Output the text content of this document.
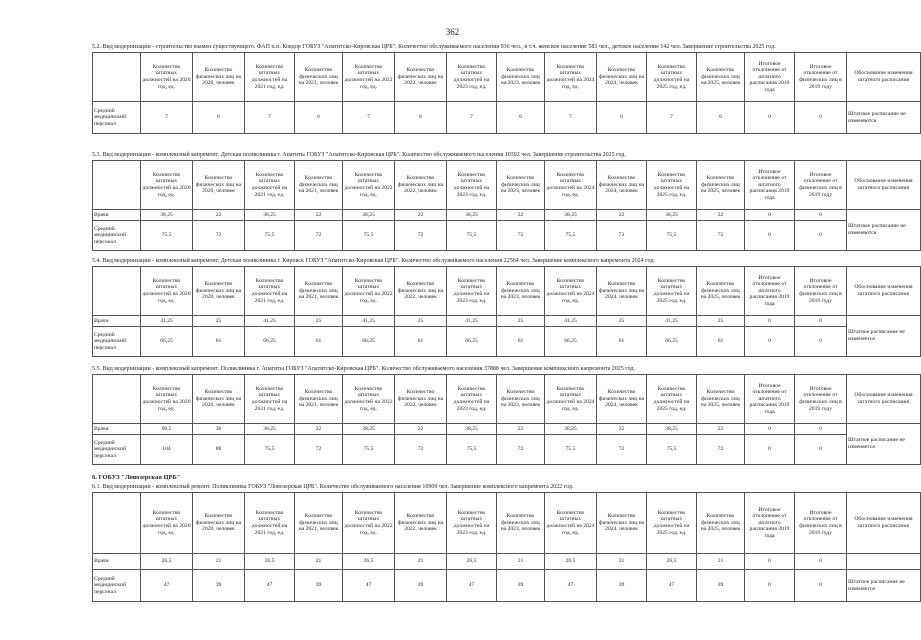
362

5.2. Вид модернизации - строительство взамен существующего. ФАП н.п. Ковдор ГОБУЗ "Апатитско-Кировская ЦРБ". Количество обслуживаемого населения 936 чел., в т.ч. женское население 583 чел., детское население 142 чел. Завершение строительства 2025 год.

	Количество штатных должностей на 2020 год, ед.	Количество физических лиц на 2020, человек	Количество штатных должностей на 2021 год, ед.	Количество физических лиц на 2021, человек	Количество штатных должностей на 2022 год, ед.	Количество физических лиц на 2022, человек	Количество штатных должностей на 2023 год, ед.	Количество физических лиц на 2023, человек	Количество штатных должностей на 2024 год, ед.	Количество физических лиц на 2024, человек	Количество штатных должностей на 2025 год, ед.	Количество физических лиц на 2025, человек	Итоговое отклонение от штатного расписания 2019 года	Итоговое отклонение от физических лиц в 2019 году	Обоснование изменения штатного расписания
Средний медицинский персонал	7	6	7	6	7	6	7	6	7	6	7	6	0	0	Штатные расписание не изменяются

5.3. Вид модернизации - комплексный капремонт. Детская поликлиника г. Апатиты ГОБУЗ "Апатитско-Кировская ЦРБ". Количество обслуживаемого населения 10392 чел. Завершение строительства 2025 год.

	Количество штатных должностей на 2020 год, ед.	Количество физических лиц на 2020, человек	Количество штатных должностей на 2021 год, ед.	Количество физических лиц на 2021, человек	Количество штатных должностей на 2022 год, ед.	Количество физических лиц на 2022, человек	Количество штатных должностей на 2023 год, ед.	Количество физических лиц на 2023, человек	Количество штатных должностей на 2024 год, ед.	Количество физических лиц на 2024, человек	Количество штатных должностей на 2025 год, ед.	Количество физических лиц на 2025, человек	Итоговое отклонение от штатного расписания 2019 года	Итоговое отклонение от физических лиц в 2019 году	Обоснование изменения штатного расписания
Врачи	38,25	22	38,25	22	38,25	22	38,25	22	38,25	22	38,25	22	0	0	Штатные расписание не изменяются
Средний медицинский персонал	75,5	72	75,5	72	75,5	72	75,5	72	75,5	72	75,5	72	0	0	

5.4. Вид модернизации - комплексный капремонт. Детская поликлиника г. Кировск ГОБУЗ "Апатитско-Кировская ЦРБ". Количество обслуживаемого населения 22564 чел. Завершение комплексного капремонта 2024 год.

	Количество штатных должностей на 2020 год, ед.	Количество физических лиц на 2020, человек	Количество штатных должностей на 2021 год, ед.	Количество физических лиц на 2021, человек	Количество штатных должностей на 2022 год, ед.	Количество физических лиц на 2022, человек	Количество штатных должностей на 2023 год, ед.	Количество физических лиц на 2023, человек	Количество штатных должностей на 2024 год, ед.	Количество физических лиц на 2024, человек	Количество штатных должностей на 2025 год, ед.	Количество физических лиц на 2025, человек	Итоговое отклонение от штатного расписания 2019 года	Итоговое отклонение от физических лиц в 2019 году	Обоснование изменения штатного расписания
Врачи	41,25	25	41,25	25	41,25	25	41,25	25	41,25	25	41,25	25	0	0	Штатное расписание не изменяется
Средний медицинский персонал	66,25	61	66,25	61	66,25	61	66,25	61	66,25	61	66,25	61	0	0	

5.5. Вид модернизации - комплексный капремонт. Поликлиника г. Апатиты ГОБУЗ "Апатитско-Кировская ЦРБ". Количество обслуживаемого населения 37888 чел. Завершение комплексного капремонта 2025 год.

	Количество штатных должностей на 2020 год, ед.	Количество физических лиц на 2020, человек	Количество штатных должностей на 2021 год, ед.	Количество физических лиц на 2021, человек	Количество штатных должностей на 2022 год, ед.	Количество физических лиц на 2022, человек	Количество штатных должностей на 2023 год, ед.	Количество физических лиц на 2023, человек	Количество штатных должностей на 2024 год, ед.	Количество физических лиц на 2024, человек	Количество штатных должностей на 2025 год, ед.	Количество физических лиц на 2025, человек	Итоговое отклонение от штатного расписания 2019 года	Итоговое отклонение от физических лиц в 2019 году	Обоснование изменения штатного расписания
Врачи	60,5	36	38,25	22	38,25	22	38,25	22	38,25	22	38,25	22	0	0	Штатное расписание не изменяется
Средний медицинский персонал	104	88	75,5	72	75,5	72	75,5	72	75,5	72	75,5	72	0	0	

6. ГОБУЗ "Ловозерская ЦРБ"

6.1. Вид модернизации - комплексный ремонт. Поликлиника ГОБУЗ "Ловозерская ЦРБ". Количество обслуживаемого населения 10909 чел. Завершение комплексного капремонта 2022 год.

	Количество штатных должностей на 2020 год, ед.	Количество физических лиц на 2020, человек	Количество штатных должностей на 2021 год, ед.	Количество физических лиц на 2021, человек	Количество штатных должностей на 2022 год, ед.	Количество физических лиц на 2022, человек	Количество штатных должностей на 2023 год, ед.	Количество физических лиц на 2023, человек	Количество штатных должностей на 2024 год, ед.	Количество физических лиц на 2024, человек	Количество штатных должностей на 2025 год, ед.	Количество физических лиц на 2025, человек	Итоговое отклонение от штатного расписания 2019 года	Итоговое отклонение от физических лиц в 2019 году	Обоснование изменения штатного расписания
Врачи	26,5	21	26,5	21	26,5	21	26,5	21	26,5	21	26,5	21	0	0	
Средний медицинский персонал	47	39	47	39	47	39	47	39	47	39	47	39	0	0	Штатное расписание не изменяется
